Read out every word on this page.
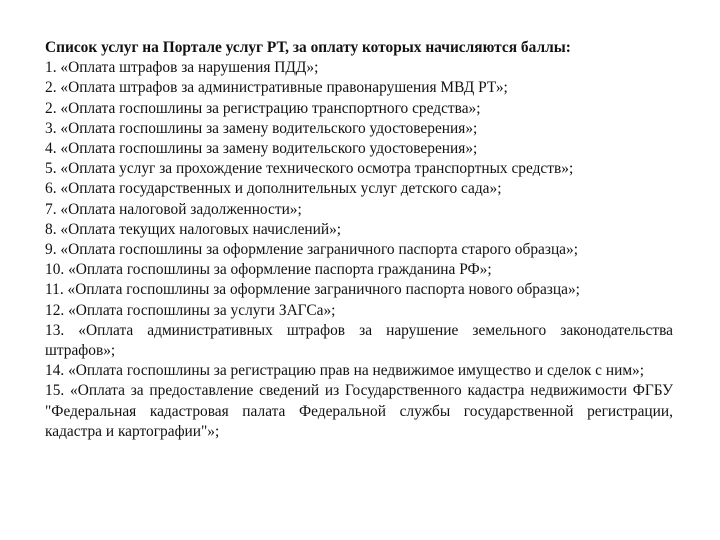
Список услуг на Портале услуг РТ, за оплату которых начисляются баллы:

1. «Оплата штрафов за нарушения ПДД»;

2. «Оплата штрафов за административные правонарушения МВД РТ»;

2. «Оплата госпошлины за регистрацию транспортного средства»;

3. «Оплата госпошлины за замену водительского удостоверения»;

4. «Оплата госпошлины за замену водительского удостоверения»;

5. «Оплата услуг за прохождение технического осмотра транспортных средств»;

6. «Оплата государственных и дополнительных услуг детского сада»;

7. «Оплата налоговой задолженности»;

8. «Оплата текущих налоговых начислений»;

9. «Оплата госпошлины за оформление заграничного паспорта старого образца»;

10. «Оплата госпошлины за оформление паспорта гражданина РФ»;

11. «Оплата госпошлины за оформление заграничного паспорта нового образца»;

12. «Оплата госпошлины за услуги ЗАГСа»;

13. «Оплата административных штрафов за нарушение земельного законодательства штрафов»;

14. «Оплата госпошлины за регистрацию прав на недвижимое имущество и сделок с ним»;

15. «Оплата за предоставление сведений из Государственного кадастра недвижимости ФГБУ "Федеральная кадастровая палата Федеральной службы государственной регистрации, кадастра и картографии"»;
